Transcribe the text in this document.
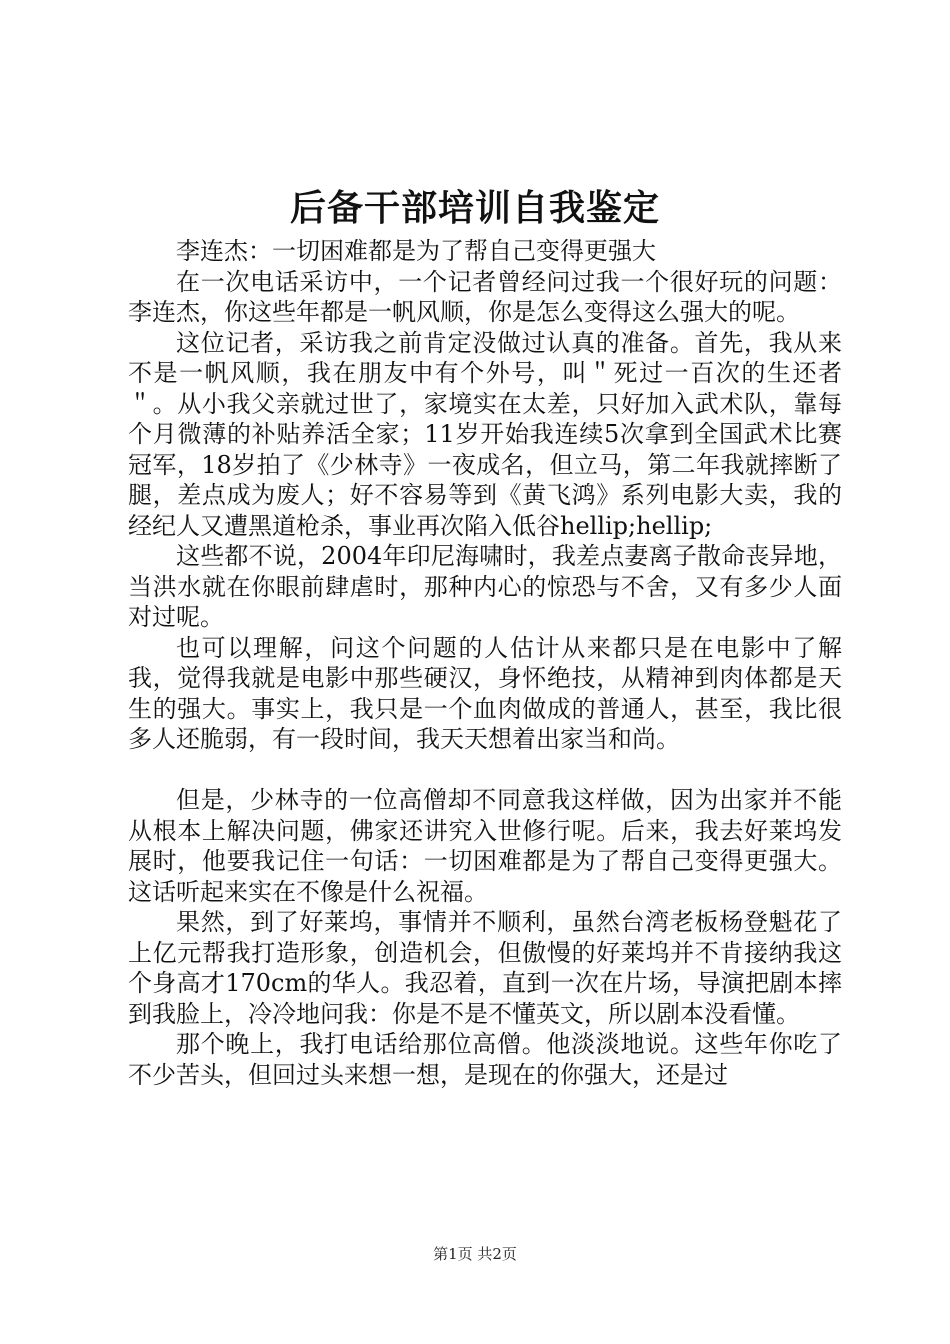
后备干部培训自我鉴定

李连杰：一切困难都是为了帮自己变得更强大

在一次电话采访中，一个记者曾经问过我一个很好玩的问题：李连杰，你这些年都是一帆风顺，你是怎么变得这么强大的呢。

这位记者，采访我之前肯定没做过认真的准备。首先，我从来不是一帆风顺，我在朋友中有个外号，叫＂死过一百次的生还者＂。从小我父亲就过世了，家境实在太差，只好加入武术队，靠每个月微薄的补贴养活全家；11岁开始我连续5次拿到全国武术比赛冠军，18岁拍了《少林寺》一夜成名，但立马，第二年我就摔断了腿，差点成为废人；好不容易等到《黄飞鸿》系列电影大卖，我的经纪人又遭黑道枪杀，事业再次陷入低谷hellip;hellip;

这些都不说，2004年印尼海啸时，我差点妻离子散命丧异地，当洪水就在你眼前肆虐时，那种内心的惊恐与不舍，又有多少人面对过呢。

也可以理解，问这个问题的人估计从来都只是在电影中了解我，觉得我就是电影中那些硬汉，身怀绝技，从精神到肉体都是天生的强大。事实上，我只是一个血肉做成的普通人，甚至，我比很多人还脆弱，有一段时间，我天天想着出家当和尚。

但是，少林寺的一位高僧却不同意我这样做，因为出家并不能从根本上解决问题，佛家还讲究入世修行呢。后来，我去好莱坞发展时，他要我记住一句话：一切困难都是为了帮自己变得更强大。这话听起来实在不像是什么祝福。

果然，到了好莱坞，事情并不顺利，虽然台湾老板杨登魁花了上亿元帮我打造形象，创造机会，但傲慢的好莱坞并不肯接纳我这个身高才170cm的华人。我忍着，直到一次在片场，导演把剧本摔到我脸上，冷冷地问我：你是不是不懂英文，所以剧本没看懂。

那个晚上，我打电话给那位高僧。他淡淡地说。这些年你吃了不少苦头，但回过头来想一想，是现在的你强大，还是过

第1页 共2页
